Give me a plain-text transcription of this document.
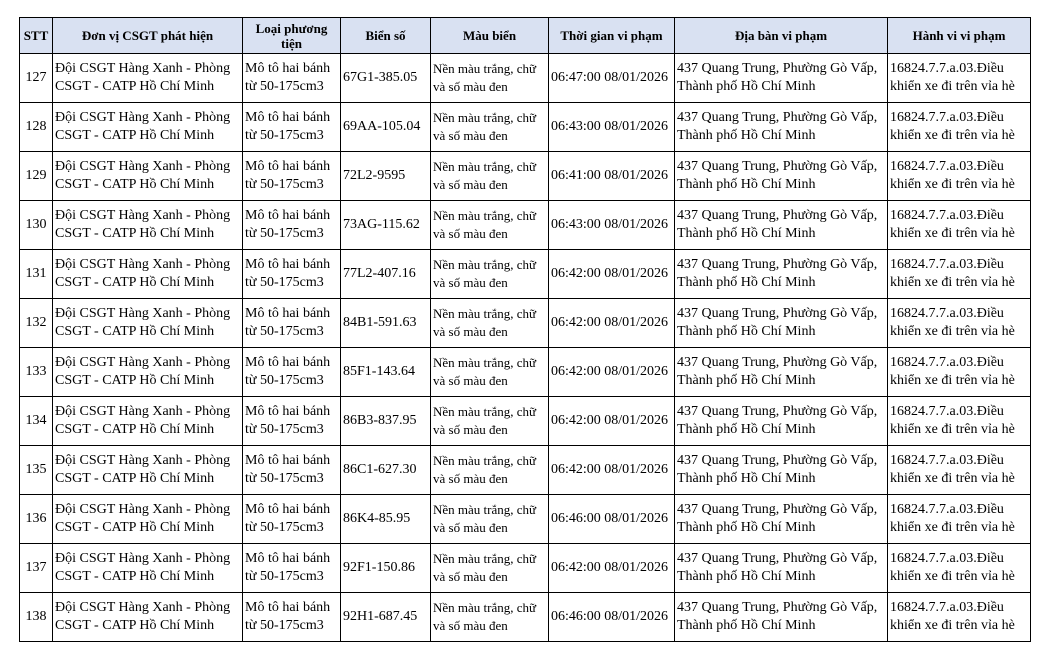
STT	Đơn vị CSGT phát hiện	Loại phương tiện	Biển số	Màu biển	Thời gian vi phạm	Địa bàn vi phạm	Hành vi vi phạm
127	Đội CSGT Hàng Xanh - Phòng CSGT - CATP Hồ Chí Minh	Mô tô hai bánh từ 50-175cm3	67G1-385.05	Nền màu trắng, chữ và số màu đen	06:47:00 08/01/2026	437 Quang Trung, Phường Gò Vấp, Thành phố Hồ Chí Minh	16824.7.7.a.03.Điều khiển xe đi trên vỉa hè
128	Đội CSGT Hàng Xanh - Phòng CSGT - CATP Hồ Chí Minh	Mô tô hai bánh từ 50-175cm3	69AA-105.04	Nền màu trắng, chữ và số màu đen	06:43:00 08/01/2026	437 Quang Trung, Phường Gò Vấp, Thành phố Hồ Chí Minh	16824.7.7.a.03.Điều khiển xe đi trên vỉa hè
129	Đội CSGT Hàng Xanh - Phòng CSGT - CATP Hồ Chí Minh	Mô tô hai bánh từ 50-175cm3	72L2-9595	Nền màu trắng, chữ và số màu đen	06:41:00 08/01/2026	437 Quang Trung, Phường Gò Vấp, Thành phố Hồ Chí Minh	16824.7.7.a.03.Điều khiển xe đi trên vỉa hè
130	Đội CSGT Hàng Xanh - Phòng CSGT - CATP Hồ Chí Minh	Mô tô hai bánh từ 50-175cm3	73AG-115.62	Nền màu trắng, chữ và số màu đen	06:43:00 08/01/2026	437 Quang Trung, Phường Gò Vấp, Thành phố Hồ Chí Minh	16824.7.7.a.03.Điều khiển xe đi trên vỉa hè
131	Đội CSGT Hàng Xanh - Phòng CSGT - CATP Hồ Chí Minh	Mô tô hai bánh từ 50-175cm3	77L2-407.16	Nền màu trắng, chữ và số màu đen	06:42:00 08/01/2026	437 Quang Trung, Phường Gò Vấp, Thành phố Hồ Chí Minh	16824.7.7.a.03.Điều khiển xe đi trên vỉa hè
132	Đội CSGT Hàng Xanh - Phòng CSGT - CATP Hồ Chí Minh	Mô tô hai bánh từ 50-175cm3	84B1-591.63	Nền màu trắng, chữ và số màu đen	06:42:00 08/01/2026	437 Quang Trung, Phường Gò Vấp, Thành phố Hồ Chí Minh	16824.7.7.a.03.Điều khiển xe đi trên vỉa hè
133	Đội CSGT Hàng Xanh - Phòng CSGT - CATP Hồ Chí Minh	Mô tô hai bánh từ 50-175cm3	85F1-143.64	Nền màu trắng, chữ và số màu đen	06:42:00 08/01/2026	437 Quang Trung, Phường Gò Vấp, Thành phố Hồ Chí Minh	16824.7.7.a.03.Điều khiển xe đi trên vỉa hè
134	Đội CSGT Hàng Xanh - Phòng CSGT - CATP Hồ Chí Minh	Mô tô hai bánh từ 50-175cm3	86B3-837.95	Nền màu trắng, chữ và số màu đen	06:42:00 08/01/2026	437 Quang Trung, Phường Gò Vấp, Thành phố Hồ Chí Minh	16824.7.7.a.03.Điều khiển xe đi trên vỉa hè
135	Đội CSGT Hàng Xanh - Phòng CSGT - CATP Hồ Chí Minh	Mô tô hai bánh từ 50-175cm3	86C1-627.30	Nền màu trắng, chữ và số màu đen	06:42:00 08/01/2026	437 Quang Trung, Phường Gò Vấp, Thành phố Hồ Chí Minh	16824.7.7.a.03.Điều khiển xe đi trên vỉa hè
136	Đội CSGT Hàng Xanh - Phòng CSGT - CATP Hồ Chí Minh	Mô tô hai bánh từ 50-175cm3	86K4-85.95	Nền màu trắng, chữ và số màu đen	06:46:00 08/01/2026	437 Quang Trung, Phường Gò Vấp, Thành phố Hồ Chí Minh	16824.7.7.a.03.Điều khiển xe đi trên vỉa hè
137	Đội CSGT Hàng Xanh - Phòng CSGT - CATP Hồ Chí Minh	Mô tô hai bánh từ 50-175cm3	92F1-150.86	Nền màu trắng, chữ và số màu đen	06:42:00 08/01/2026	437 Quang Trung, Phường Gò Vấp, Thành phố Hồ Chí Minh	16824.7.7.a.03.Điều khiển xe đi trên vỉa hè
138	Đội CSGT Hàng Xanh - Phòng CSGT - CATP Hồ Chí Minh	Mô tô hai bánh từ 50-175cm3	92H1-687.45	Nền màu trắng, chữ và số màu đen	06:46:00 08/01/2026	437 Quang Trung, Phường Gò Vấp, Thành phố Hồ Chí Minh	16824.7.7.a.03.Điều khiển xe đi trên vỉa hè
